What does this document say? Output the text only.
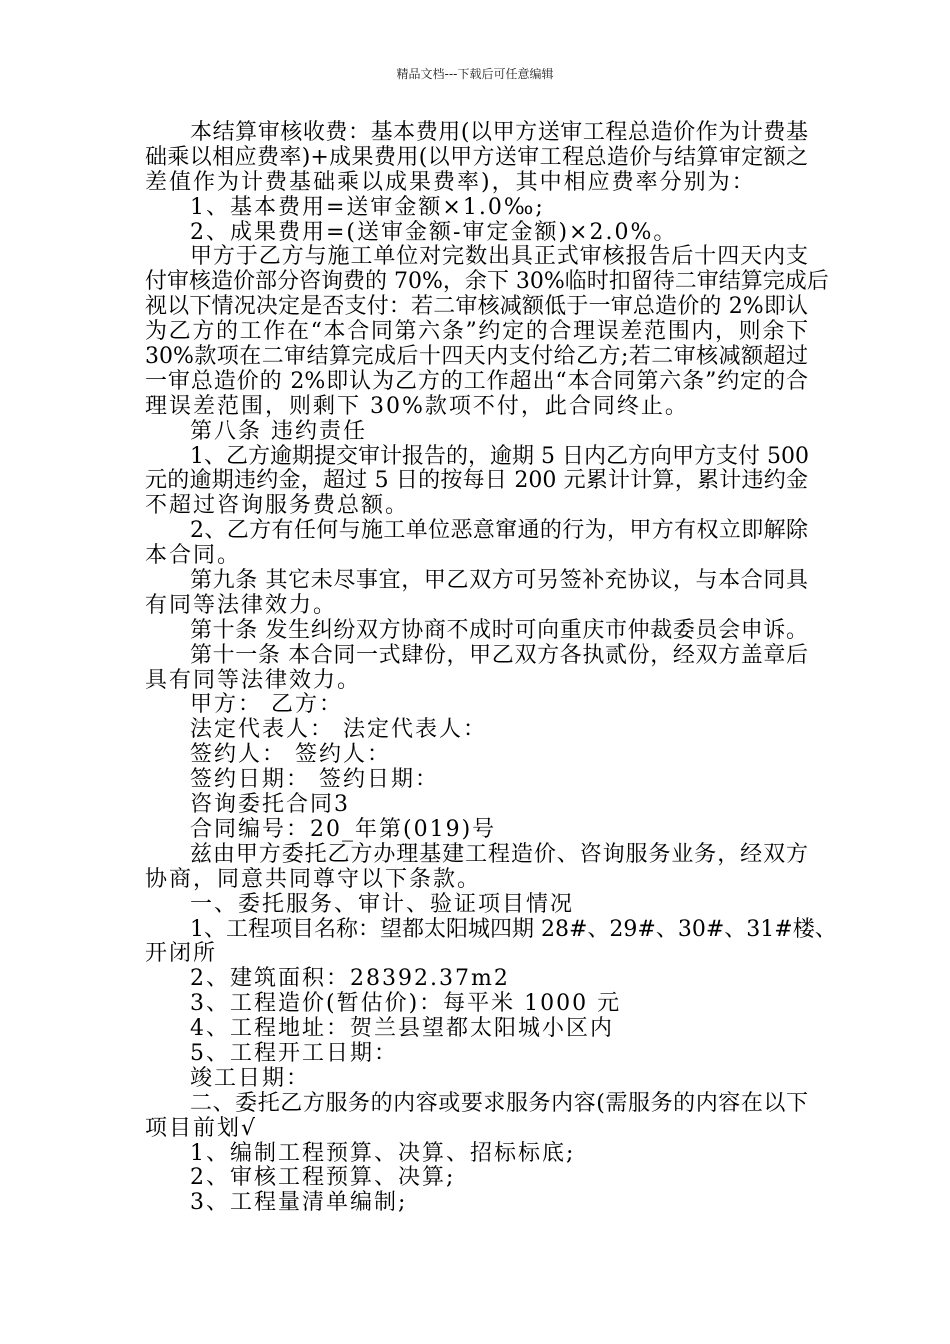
精品文档---下载后可任意编辑
本结算审核收费：基本费用(以甲方送审工程总造价作为计费基
础乘以相应费率)+成果费用(以甲方送审工程总造价与结算审定额之
差值作为计费基础乘以成果费率)，其中相应费率分别为：
1、基本费用=送审金额×1.0‰;
2、成果费用=(送审金额-审定金额)×2.0%。
甲方于乙方与施工单位对完数出具正式审核报告后十四天内支
付审核造价部分咨询费的 70%，余下 30%临时扣留待二审结算完成后
视以下情况决定是否支付：若二审核减额低于一审总造价的 2%即认
为乙方的工作在“本合同第六条”约定的合理误差范围内，则余下
30%款项在二审结算完成后十四天内支付给乙方;若二审核减额超过
一审总造价的 2%即认为乙方的工作超出“本合同第六条”约定的合
理误差范围，则剩下 30%款项不付，此合同终止。
第八条 违约责任
1、乙方逾期提交审计报告的，逾期 5 日内乙方向甲方支付 500
元的逾期违约金，超过 5 日的按每日 200 元累计计算，累计违约金
不超过咨询服务费总额。
2、乙方有任何与施工单位恶意窜通的行为，甲方有权立即解除
本合同。
第九条 其它未尽事宜，甲乙双方可另签补充协议，与本合同具
有同等法律效力。
第十条 发生纠纷双方协商不成时可向重庆市仲裁委员会申诉。
第十一条 本合同一式肆份，甲乙双方各执贰份，经双方盖章后
具有同等法律效力。
甲方： 乙方：
法定代表人： 法定代表人：
签约人： 签约人：
签约日期： 签约日期：
咨询委托合同3
合同编号：20_年第(019)号
兹由甲方委托乙方办理基建工程造价、咨询服务业务，经双方
协商，同意共同尊守以下条款。
一、委托服务、审计、验证项目情况
1、工程项目名称：望都太阳城四期 28#、29#、30#、31#楼、
开闭所
2、建筑面积：28392.37m2
3、工程造价(暂估价)：每平米 1000 元
4、工程地址：贺兰县望都太阳城小区内
5、工程开工日期：
竣工日期：
二、委托乙方服务的内容或要求服务内容(需服务的内容在以下
项目前划√
1、编制工程预算、决算、招标标底;
2、审核工程预算、决算;
3、工程量清单编制;
